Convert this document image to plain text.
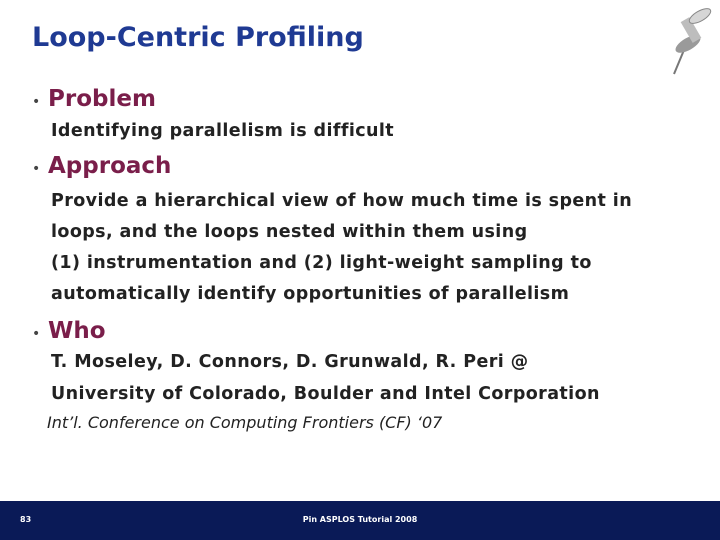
Loop-Centric Profiling
• Problem
Identifying parallelism is difficult
• Approach
Provide a hierarchical view of how much time is spent in
loops, and the loops nested within them using
(1) instrumentation and (2) light-weight sampling to
automatically identify opportunities of parallelism
• Who
T. Moseley, D. Connors, D. Grunwald, R. Peri @
University of Colorado, Boulder and Intel Corporation
Int’l. Conference on Computing Frontiers (CF) ‘07
83	Pin ASPLOS Tutorial 2008
